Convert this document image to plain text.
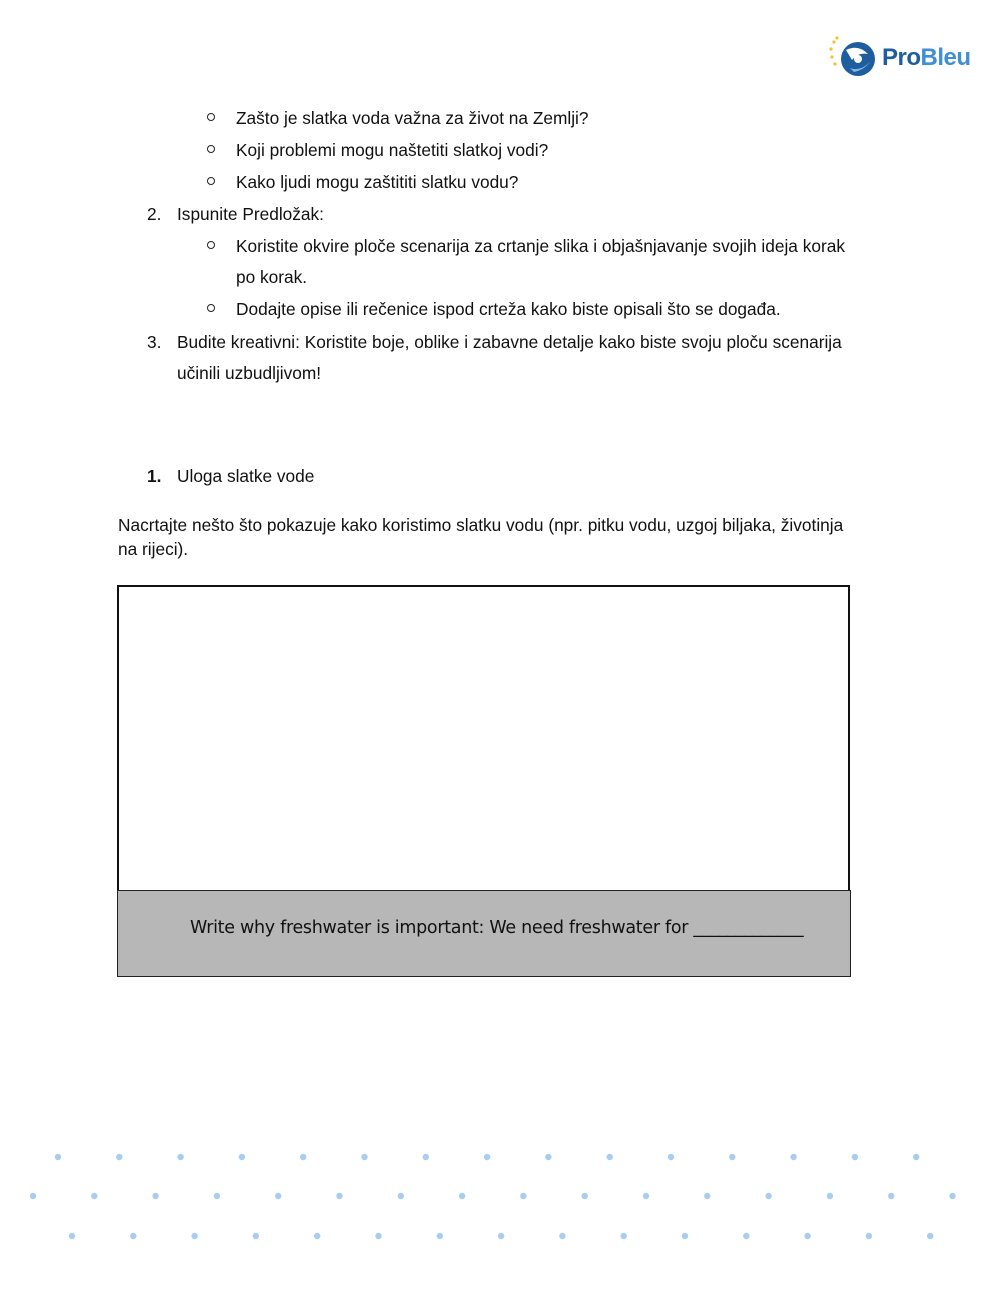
ProBleu
Zašto je slatka voda važna za život na Zemlji?
Koji problemi mogu naštetiti slatkoj vodi?
Kako ljudi mogu zaštititi slatku vodu?
2. Ispunite Predložak:
Koristite okvire ploče scenarija za crtanje slika i objašnjavanje svojih ideja korak
po korak.
Dodajte opise ili rečenice ispod crteža kako biste opisali što se događa.
3. Budite kreativni: Koristite boje, oblike i zabavne detalje kako biste svoju ploču scenarija
učinili uzbudljivom!
1. Uloga slatke vode
Nacrtajte nešto što pokazuje kako koristimo slatku vodu (npr. pitku vodu, uzgoj biljaka, životinja
na rijeci).
Write why freshwater is important: We need freshwater for _____________
